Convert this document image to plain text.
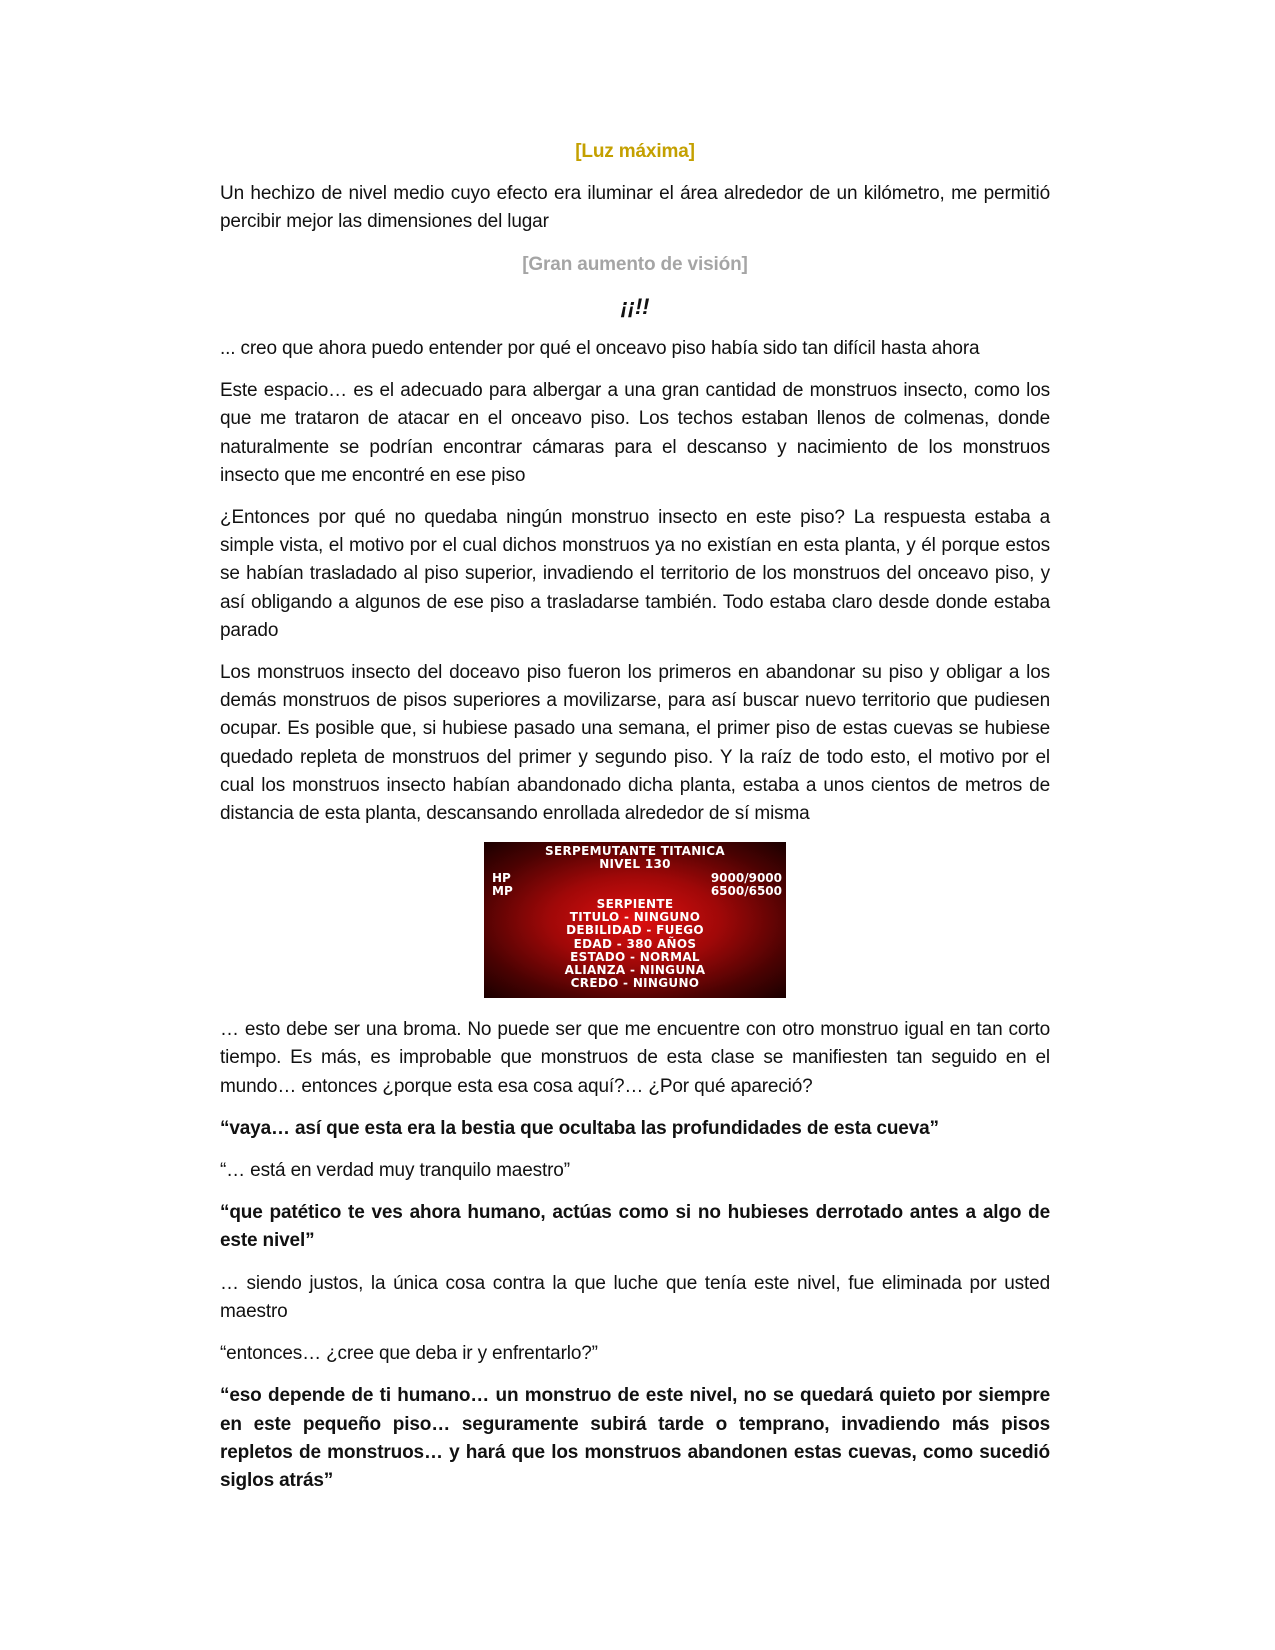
[Luz máxima]

Un hechizo de nivel medio cuyo efecto era iluminar el área alrededor de un kilómetro, me permitió percibir mejor las dimensiones del lugar

[Gran aumento de visión]

¡¡!!

... creo que ahora puedo entender por qué el onceavo piso había sido tan difícil hasta ahora

Este espacio… es el adecuado para albergar a una gran cantidad de monstruos insecto, como los que me trataron de atacar en el onceavo piso. Los techos estaban llenos de colmenas, donde naturalmente se podrían encontrar cámaras para el descanso y nacimiento de los monstruos insecto que me encontré en ese piso

¿Entonces por qué no quedaba ningún monstruo insecto en este piso? La respuesta estaba a simple vista, el motivo por el cual dichos monstruos ya no existían en esta planta, y él porque estos se habían trasladado al piso superior, invadiendo el territorio de los monstruos del onceavo piso, y así obligando a algunos de ese piso a trasladarse también. Todo estaba claro desde donde estaba parado

Los monstruos insecto del doceavo piso fueron los primeros en abandonar su piso y obligar a los demás monstruos de pisos superiores a movilizarse, para así buscar nuevo territorio que pudiesen ocupar. Es posible que, si hubiese pasado una semana, el primer piso de estas cuevas se hubiese quedado repleta de monstruos del primer y segundo piso. Y la raíz de todo esto, el motivo por el cual los monstruos insecto habían abandonado dicha planta, estaba a unos cientos de metros de distancia de esta planta, descansando enrollada alrededor de sí misma

SERPEMUTANTE TITANICA
NIVEL 130
HP	9000/9000
MP	6500/6500
SERPIENTE
TITULO - NINGUNO
DEBILIDAD - FUEGO
EDAD - 380 AÑOS
ESTADO - NORMAL
ALIANZA - NINGUNA
CREDO - NINGUNO

… esto debe ser una broma. No puede ser que me encuentre con otro monstruo igual en tan corto tiempo. Es más, es improbable que monstruos de esta clase se manifiesten tan seguido en el mundo… entonces ¿porque esta esa cosa aquí?… ¿Por qué apareció?

“vaya… así que esta era la bestia que ocultaba las profundidades de esta cueva”

“… está en verdad muy tranquilo maestro”

“que patético te ves ahora humano, actúas como si no hubieses derrotado antes a algo de este nivel”

… siendo justos, la única cosa contra la que luche que tenía este nivel, fue eliminada por usted maestro

“entonces… ¿cree que deba ir y enfrentarlo?”

“eso depende de ti humano… un monstruo de este nivel, no se quedará quieto por siempre en este pequeño piso… seguramente subirá tarde o temprano, invadiendo más pisos repletos de monstruos… y hará que los monstruos abandonen estas cuevas, como sucedió siglos atrás”
